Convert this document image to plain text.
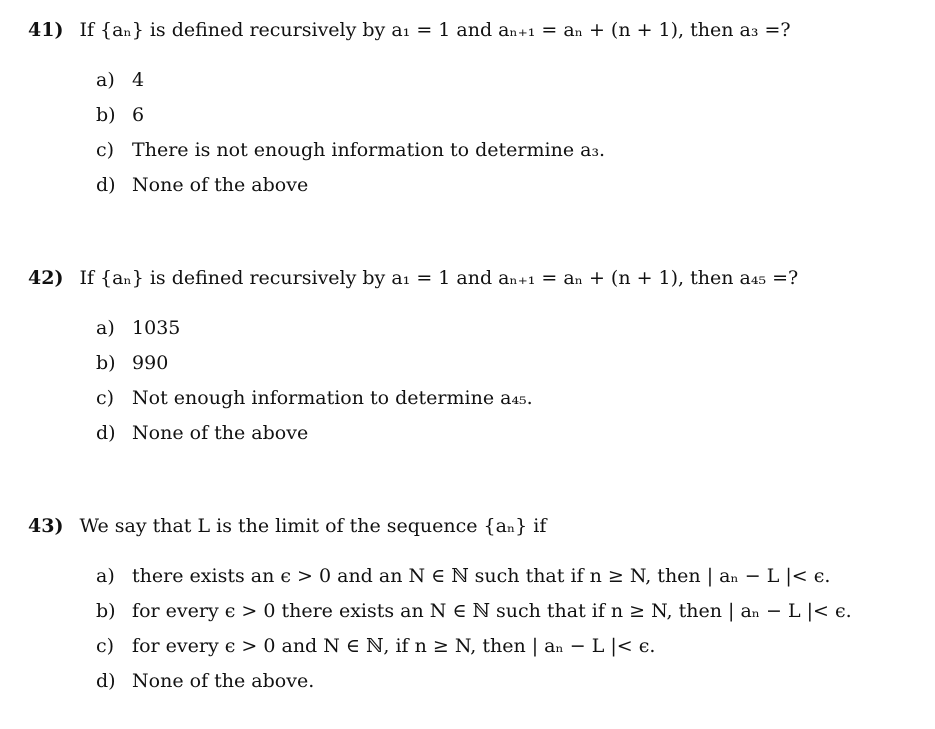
41) If {aₙ} is defined recursively by a₁ = 1 and aₙ₊₁ = aₙ + (n + 1), then a₃ =?
a) 4
b) 6
c) There is not enough information to determine a₃.
d) None of the above
42) If {aₙ} is defined recursively by a₁ = 1 and aₙ₊₁ = aₙ + (n + 1), then a₄₅ =?
a) 1035
b) 990
c) Not enough information to determine a₄₅.
d) None of the above
43) We say that L is the limit of the sequence {aₙ} if
a) there exists an ϵ > 0 and an N ∈ ℕ such that if n ≥ N, then | aₙ − L |< ϵ.
b) for every ϵ > 0 there exists an N ∈ ℕ such that if n ≥ N, then | aₙ − L |< ϵ.
c) for every ϵ > 0 and N ∈ ℕ, if n ≥ N, then | aₙ − L |< ϵ.
d) None of the above.
